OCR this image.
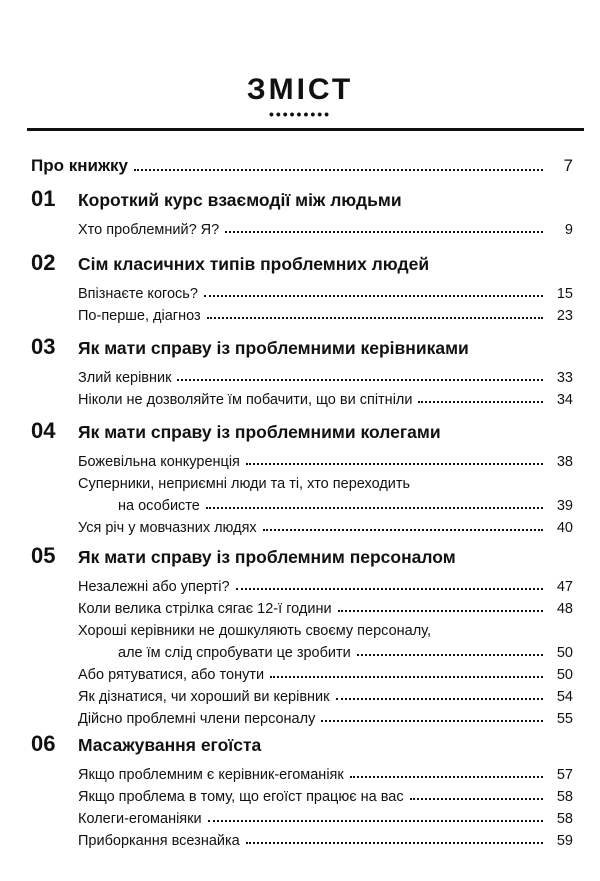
ЗМІСТ
•••••••••
Про книжку	7
01	Короткий курс взаємодії між людьми
Хто проблемний? Я?	9
02	Сім класичних типів проблемних людей
Впізнаєте когось?	15
По-перше, діагноз	23
03	Як мати справу із проблемними керівниками
Злий керівник	33
Ніколи не дозволяйте їм побачити, що ви спітніли	34
04	Як мати справу із проблемними колегами
Божевільна конкуренція	38
Суперники, неприємні люди та ті, хто переходить
на особисте	39
Уся річ у мовчазних людях	40
05	Як мати справу із проблемним персоналом
Незалежні або уперті?	47
Коли велика стрілка сягає 12-ї години	48
Хороші керівники не дошкуляють своєму персоналу,
але їм слід спробувати це зробити	50
Або рятуватися, або тонути	50
Як дізнатися, чи хороший ви керівник	54
Дійсно проблемні члени персоналу	55
06	Масажування егоїста
Якщо проблемним є керівник-егоманіяк	57
Якщо проблема в тому, що егоїст працює на вас	58
Колеги-егоманіяки	58
Приборкання всезнайка	59
